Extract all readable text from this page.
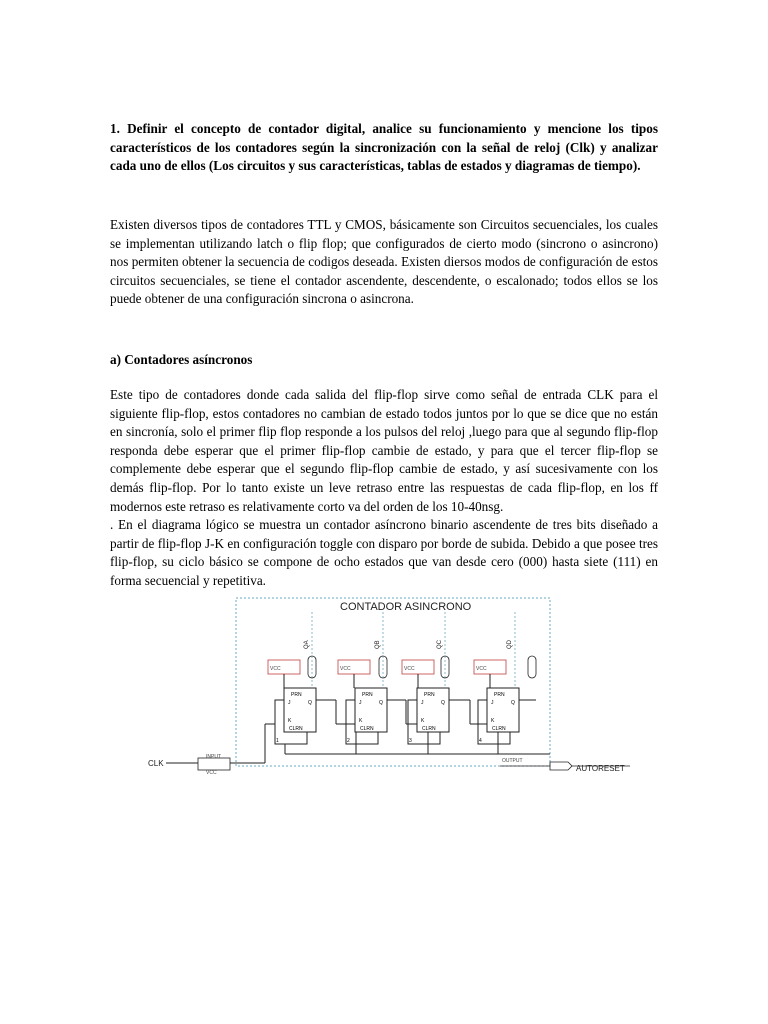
1. Definir el concepto de contador digital, analice su funcionamiento y mencione los tipos característicos de los contadores según la sincronización con la señal de reloj (Clk) y analizar cada uno de ellos (Los circuitos y sus características, tablas de estados y diagramas de tiempo).

Existen diversos tipos de contadores TTL y CMOS, básicamente son Circuitos secuenciales, los cuales se implementan utilizando latch o flip flop; que configurados de cierto modo (sincrono o asincrono) nos permiten obtener la secuencia de codigos deseada. Existen diersos modos de configuración de estos circuitos secuenciales, se tiene el contador ascendente, descendente, o escalonado; todos ellos se los puede obtener de una configuración sincrona o asincrona.

a) Contadores asíncronos

Este tipo de contadores donde cada salida del flip-flop sirve como señal de entrada CLK para el siguiente flip-flop, estos contadores no cambian de estado todos juntos por lo que se dice que no están en sincronía, solo el primer flip flop responde a los pulsos del reloj ,luego para que al segundo flip-flop responda debe esperar que el primer flip-flop cambie de estado, y para que el tercer flip-flop se complemente debe esperar que el segundo flip-flop cambie de estado, y así sucesivamente con los demás flip-flop. Por lo tanto existe un leve retraso entre las respuestas de cada flip-flop, en los ff modernos este retraso es relativamente corto va del orden de los 10-40nsg.

. En el diagrama lógico se muestra un contador asíncrono binario ascendente de tres bits diseñado a partir de flip-flop J-K en configuración toggle con disparo por borde de subida. Debido a que posee tres flip-flop, su ciclo básico se compone de ocho estados que van desde cero (000) hasta siete (111) en forma secuencial y repetitiva.

CONTADOR ASINCRONO
CLK
INPUT
VCC
OUTPUT
AUTORESET
VCC
PRN
J
K
Q
CLRN
1
QA
VCC
PRN
J
K
Q
CLRN
2
QB
VCC
PRN
J
K
Q
CLRN
3
QC
VCC
PRN
J
K
Q
CLRN
4
QD
